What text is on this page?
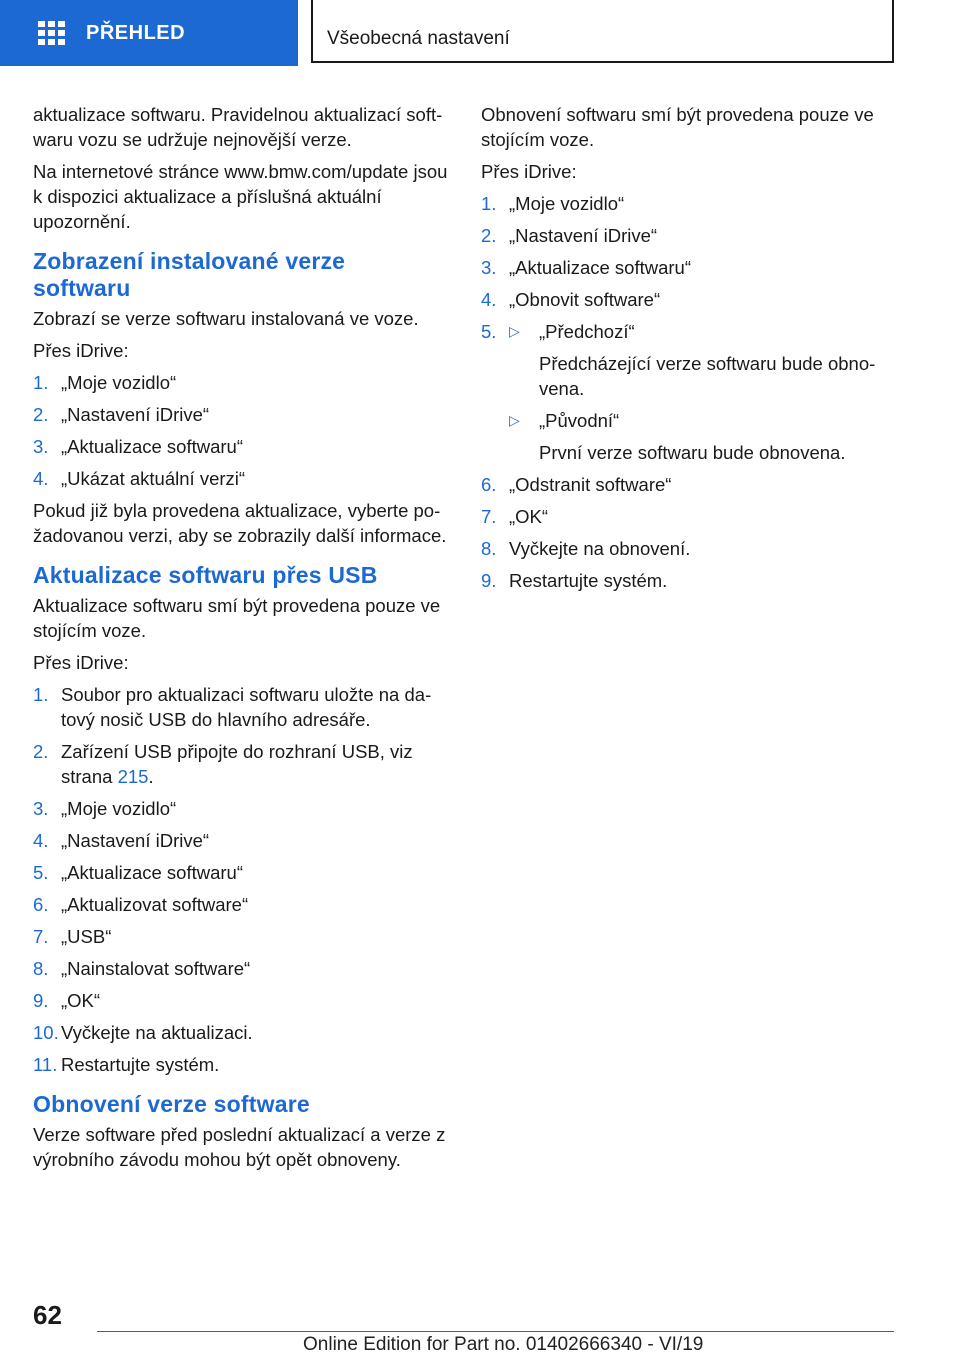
PŘEHLED	Všeobecná nastavení

aktualizace softwaru. Pravidelnou aktualizací softwaru vozu se udržuje nejnovější verze.

Na internetové stránce www.bmw.com/update jsou k dispozici aktualizace a příslušná aktuální upozornění.

Zobrazení instalované verze softwaru

Zobrazí se verze softwaru instalovaná ve voze.

Přes iDrive:

1. „Moje vozidlo“
2. „Nastavení iDrive“
3. „Aktualizace softwaru“
4. „Ukázat aktuální verzi“

Pokud již byla provedena aktualizace, vyberte požadovanou verzi, aby se zobrazily další informace.

Aktualizace softwaru přes USB

Aktualizace softwaru smí být provedena pouze ve stojícím voze.

Přes iDrive:

1. Soubor pro aktualizaci softwaru uložte na datový nosič USB do hlavního adresáře.
2. Zařízení USB připojte do rozhraní USB, viz strana 215.
3. „Moje vozidlo“
4. „Nastavení iDrive“
5. „Aktualizace softwaru“
6. „Aktualizovat software“
7. „USB“
8. „Nainstalovat software“
9. „OK“
10. Vyčkejte na aktualizaci.
11. Restartujte systém.
Obnovení verze software

Verze software před poslední aktualizací a verze z výrobního závodu mohou být opět obnoveny.

Obnovení softwaru smí být provedena pouze ve stojícím voze.

Přes iDrive:

1. „Moje vozidlo“
2. „Nastavení iDrive“
3. „Aktualizace softwaru“
4. „Obnovit software“
5. ▷ „Předchozí“
Předcházející verze softwaru bude obnovena.
▷ „Původní“
První verze softwaru bude obnovena.
6. „Odstranit software“
7. „OK“
8. Vyčkejte na obnovení.
9. Restartujte systém.
62
Online Edition for Part no. 01402666340 - VI/19
